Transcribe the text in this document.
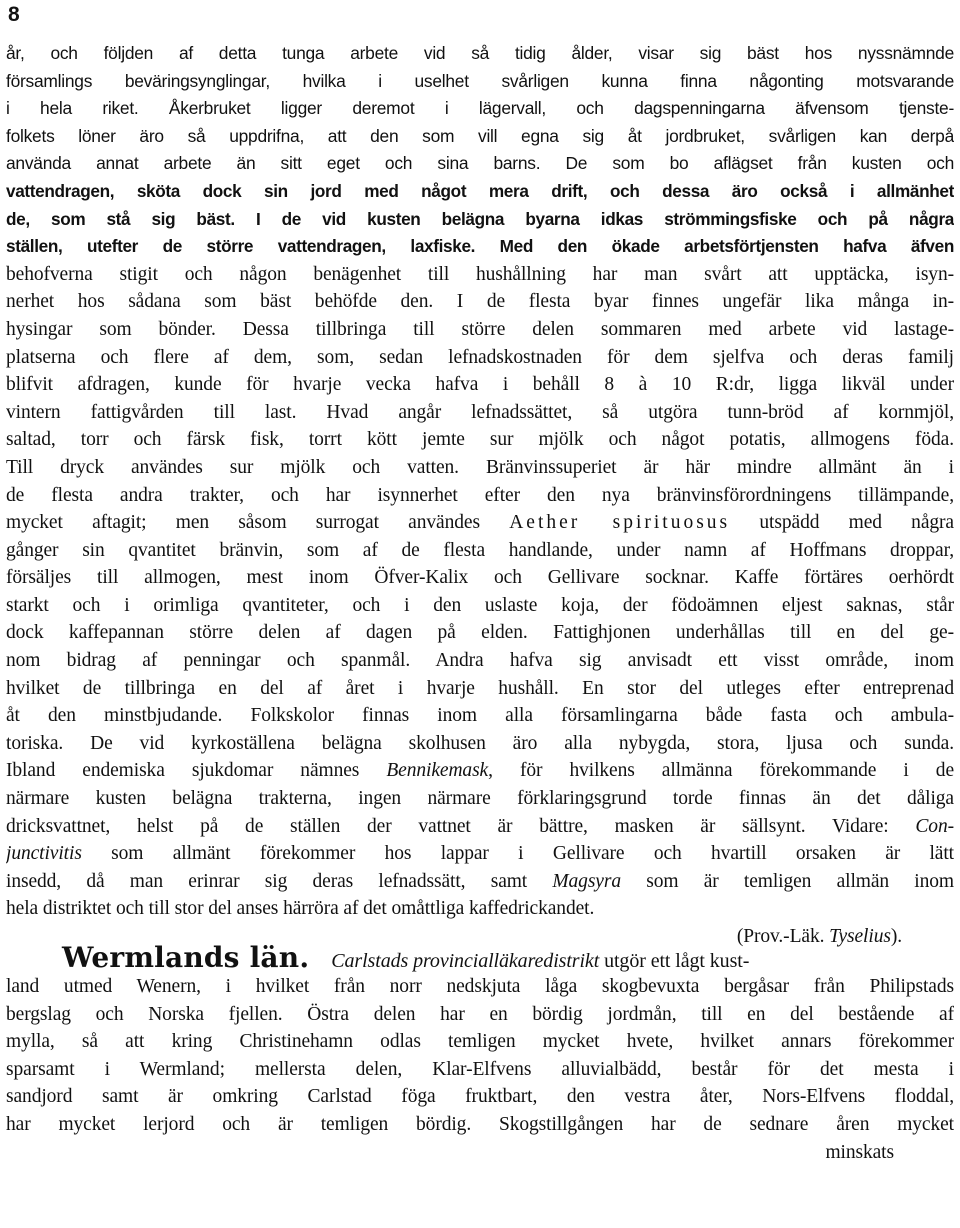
8

år, och följden af detta tunga arbete vid så tidig ålder, visar sig bäst hos nyssnämnde
församlings beväringsynglingar, hvilka i uselhet svårligen kunna finna någonting motsvarande
i hela riket. Åkerbruket ligger deremot i lägervall, och dagspenningarna äfvensom tjenste-
folkets löner äro så uppdrifna, att den som vill egna sig åt jordbruket, svårligen kan derpå
använda annat arbete än sitt eget och sina barns. De som bo aflägset från kusten och
vattendragen, sköta dock sin jord med något mera drift, och dessa äro också i allmänhet
de, som stå sig bäst. I de vid kusten belägna byarna idkas strömmingsfiske och på några
ställen, utefter de större vattendragen, laxfiske. Med den ökade arbetsförtjensten hafva äfven
behofverna stigit och någon benägenhet till hushållning har man svårt att upptäcka, isyn-
nerhet hos sådana som bäst behöfde den. I de flesta byar finnes ungefär lika många in-
hysingar som bönder. Dessa tillbringa till större delen sommaren med arbete vid lastage-
platserna och flere af dem, som, sedan lefnadskostnaden för dem sjelfva och deras familj
blifvit afdragen, kunde för hvarje vecka hafva i behåll 8 à 10 R:dr, ligga likväl under
vintern fattigvården till last. Hvad angår lefnadssättet, så utgöra tunn-bröd af kornmjöl,
saltad, torr och färsk fisk, torrt kött jemte sur mjölk och något potatis, allmogens föda.
Till dryck användes sur mjölk och vatten. Bränvinssuperiet är här mindre allmänt än i
de flesta andra trakter, och har isynnerhet efter den nya bränvinsförordningens tillämpande,
mycket aftagit; men såsom surrogat användes Aether spirituosus utspädd med några
gånger sin qvantitet bränvin, som af de flesta handlande, under namn af Hoffmans droppar,
försäljes till allmogen, mest inom Öfver-Kalix och Gellivare socknar. Kaffe förtäres oerhördt
starkt och i orimliga qvantiteter, och i den uslaste koja, der födoämnen eljest saknas, står
dock kaffepannan större delen af dagen på elden. Fattighjonen underhållas till en del ge-
nom bidrag af penningar och spanmål. Andra hafva sig anvisadt ett visst område, inom
hvilket de tillbringa en del af året i hvarje hushåll. En stor del utleges efter entreprenad
åt den minstbjudande. Folkskolor finnas inom alla församlingarna både fasta och ambula-
toriska. De vid kyrkoställena belägna skolhusen äro alla nybygda, stora, ljusa och sunda.
Ibland endemiska sjukdomar nämnes Bennikemask, för hvilkens allmänna förekommande i de
närmare kusten belägna trakterna, ingen närmare förklaringsgrund torde finnas än det dåliga
dricksvattnet, helst på de ställen der vattnet är bättre, masken är sällsynt. Vidare: Con-
junctivitis som allmänt förekommer hos lappar i Gellivare och hvartill orsaken är lätt
insedd, då man erinrar sig deras lefnadssätt, samt Magsyra som är temligen allmän inom
hela distriktet och till stor del anses härröra af det omåttliga kaffedrickandet.
(Prov.-Läk. Tyselius).
Wermlands län. Carlstads provincialläkaredistrikt utgör ett lågt kust-
land utmed Wenern, i hvilket från norr nedskjuta låga skogbevuxta bergåsar från Philipstads
bergslag och Norska fjellen. Östra delen har en bördig jordmån, till en del bestående af
mylla, så att kring Christinehamn odlas temligen mycket hvete, hvilket annars förekommer
sparsamt i Wermland; mellersta delen, Klar-Elfvens alluvialbädd, består för det mesta i
sandjord samt är omkring Carlstad föga fruktbart, den vestra åter, Nors-Elfvens floddal,
har mycket lerjord och är temligen bördig. Skogstillgången har de sednare åren mycket
minskats
